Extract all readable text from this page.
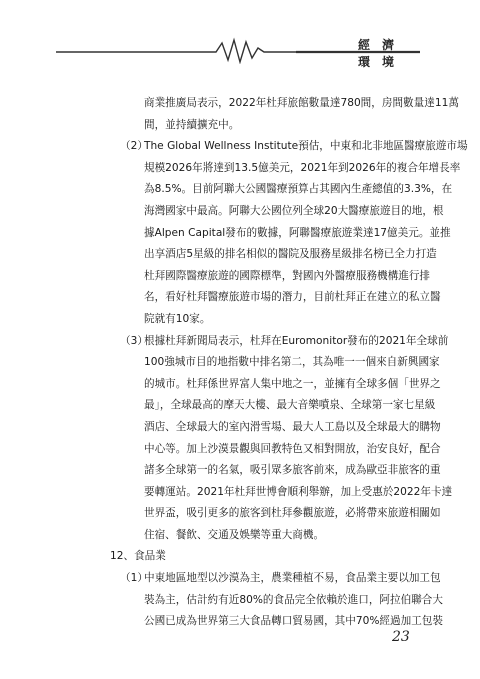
經濟環境
商業推廣局表示，2022年杜拜旅館數量達780間，房間數量達11萬
間，並持續擴充中。
（2）
The Global Wellness Institute預估，中東和北非地區醫療旅遊市場
規模2026年將達到13.5億美元，2021年到2026年的複合年增長率
為8.5%。目前阿聯大公國醫療預算占其國內生產總值的3.3%，在
海灣國家中最高。阿聯大公國位列全球20大醫療旅遊目的地，根
據Alpen Capital發布的數據，阿聯醫療旅遊業達17億美元。並推
出享酒店5星級的排名相似的醫院及服務星級排名榜已全力打造
杜拜國際醫療旅遊的國際標準，對國內外醫療服務機構進行排
名，看好杜拜醫療旅遊市場的潛力，目前杜拜正在建立的私立醫
院就有10家。
（3）
根據杜拜新聞局表示，杜拜在Euromonitor發布的2021年全球前
100強城市目的地指數中排名第二，其為唯一一個來自新興國家
的城市。杜拜係世界富人集中地之一，並擁有全球多個「世界之
最」，全球最高的摩天大樓、最大音樂噴泉、全球第一家七星級
酒店、全球最大的室內滑雪場、最大人工島以及全球最大的購物
中心等。加上沙漠景觀與回教特色又相對開放，治安良好，配合
諸多全球第一的名氣，吸引眾多旅客前來，成為歐亞非旅客的重
要轉運站。2021年杜拜世博會順利舉辦，加上受惠於2022年卡達
世界盃，吸引更多的旅客到杜拜參觀旅遊，必將帶來旅遊相關如
住宿、餐飲、交通及娛樂等重大商機。
12、食品業
（1）
中東地區地型以沙漠為主，農業種植不易，食品業主要以加工包
裝為主，估計約有近80%的食品完全依賴於進口，阿拉伯聯合大
公國已成為世界第三大食品轉口貿易國，其中70%經過加工包裝
23
